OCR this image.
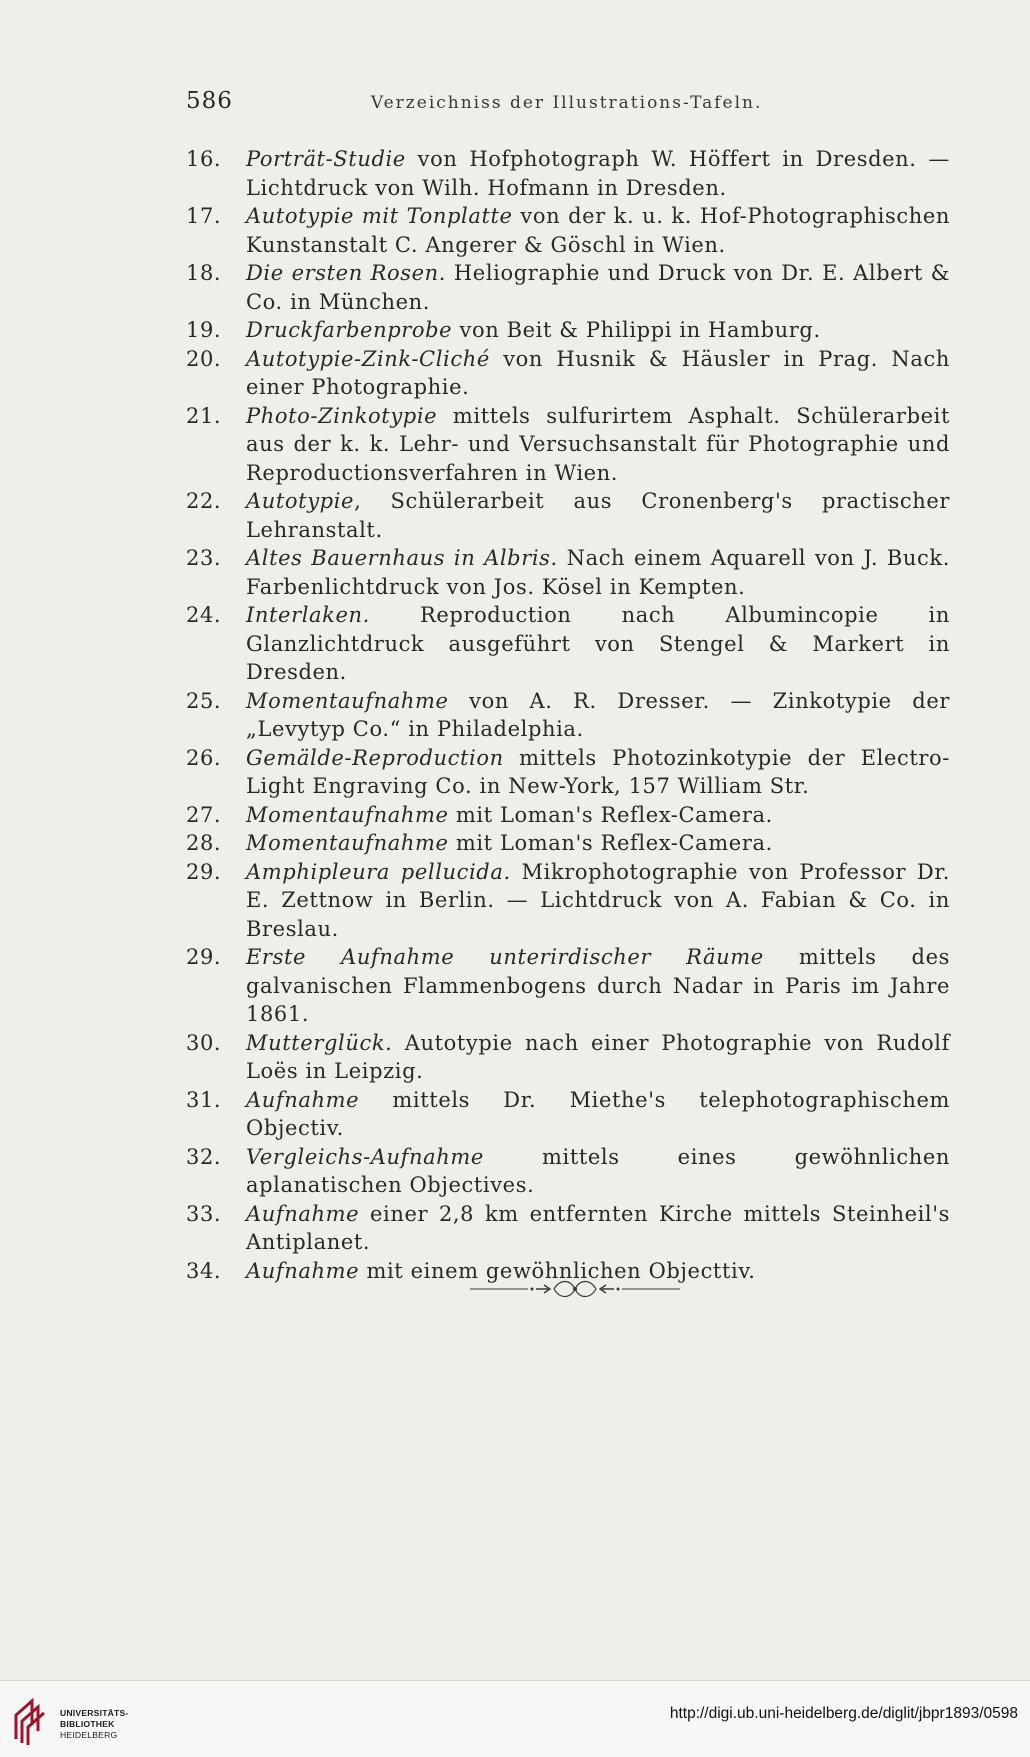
586	Verzeichniss der Illustrations-Tafeln.
16.	Porträt-Studie von Hofphotograph W. Höffert in Dresden. — Lichtdruck von Wilh. Hofmann in Dresden.
17.	Autotypie mit Tonplatte von der k. u. k. Hof-Photographischen Kunstanstalt C. Angerer & Göschl in Wien.
18.	Die ersten Rosen. Heliographie und Druck von Dr. E. Albert & Co. in München.
19.	Druckfarbenprobe von Beit & Philippi in Hamburg.
20.	Autotypie-Zink-Cliché von Husnik & Häusler in Prag. Nach einer Photographie.
21.	Photo-Zinkotypie mittels sulfurirtem Asphalt. Schülerarbeit aus der k. k. Lehr- und Versuchsanstalt für Photographie und Reproductionsverfahren in Wien.
22.	Autotypie, Schülerarbeit aus Cronenberg's practischer Lehranstalt.
23.	Altes Bauernhaus in Albris. Nach einem Aquarell von J. Buck. Farbenlichtdruck von Jos. Kösel in Kempten.
24.	Interlaken. Reproduction nach Albumincopie in Glanzlichtdruck ausgeführt von Stengel & Markert in Dresden.
25.	Momentaufnahme von A. R. Dresser. — Zinkotypie der „Levytyp Co.“ in Philadelphia.
26.	Gemälde-Reproduction mittels Photozinkotypie der Electro-Light Engraving Co. in New-York, 157 William Str.
27.	Momentaufnahme mit Loman's Reflex-Camera.
28.	Momentaufnahme mit Loman's Reflex-Camera.
29.	Amphipleura pellucida. Mikrophotographie von Professor Dr. E. Zettnow in Berlin. — Lichtdruck von A. Fabian & Co. in Breslau.
29.	Erste Aufnahme unterirdischer Räume mittels des galvanischen Flammenbogens durch Nadar in Paris im Jahre 1861.
30.	Mutterglück. Autotypie nach einer Photographie von Rudolf Loës in Leipzig.
31.	Aufnahme mittels Dr. Miethe's telephotographischem Objectiv.
32.	Vergleichs-Aufnahme mittels eines gewöhnlichen aplanatischen Objectives.
33.	Aufnahme einer 2,8 km entfernten Kirche mittels Steinheil's Antiplanet.
34.	Aufnahme mit einem gewöhnlichen Objecttiv.
UNIVERSITÄTS-
BIBLIOTHEK
HEIDELBERG
http://digi.ub.uni-heidelberg.de/diglit/jbpr1893/0598
